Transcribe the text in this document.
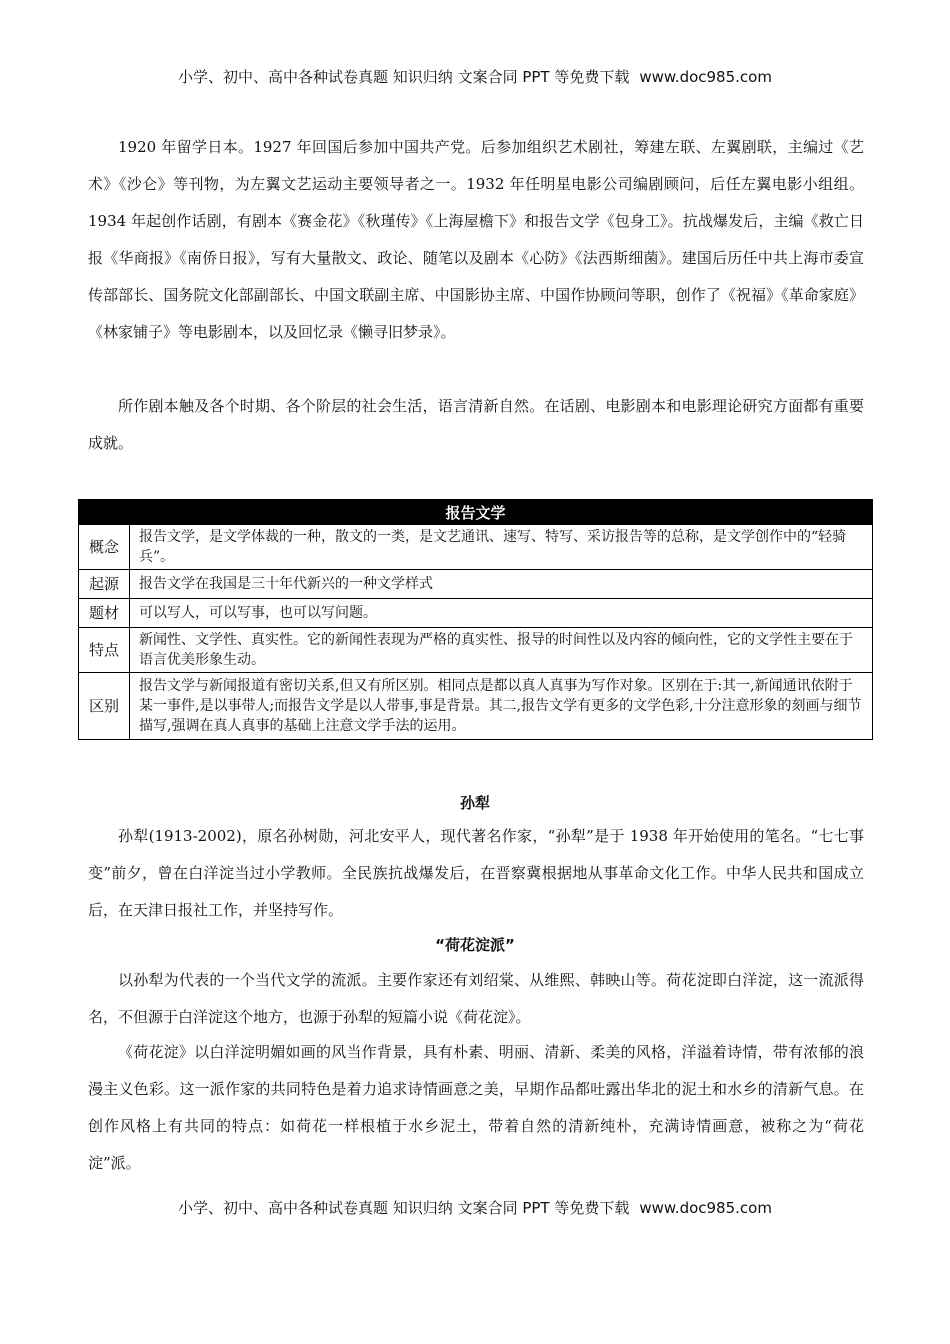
小学、初中、高中各种试卷真题 知识归纳 文案合同 PPT 等免费下载 www.doc985.com

1920 年留学日本。1927 年回国后参加中国共产党。后参加组织艺术剧社，筹建左联、左翼剧联，主编过《艺术》《沙仑》等刊物，为左翼文艺运动主要领导者之一。1932 年任明星电影公司编剧顾问，后任左翼电影小组组。1934 年起创作话剧，有剧本《赛金花》《秋瑾传》《上海屋檐下》和报告文学《包身工》。抗战爆发后，主编《救亡日报《华商报》《南侨日报》，写有大量散文、政论、随笔以及剧本《心防》《法西斯细菌》。建国后历任中共上海市委宣传部部长、国务院文化部副部长、中国文联副主席、中国影协主席、中国作协顾问等职，创作了《祝福》《革命家庭》《林家铺子》等电影剧本，以及回忆录《懒寻旧梦录》。

所作剧本触及各个时期、各个阶层的社会生活，语言清新自然。在话剧、电影剧本和电影理论研究方面都有重要成就。

报告文学	
概念	报告文学，是文学体裁的一种，散文的一类，是文艺通讯、速写、特写、采访报告等的总称，是文学创作中的“轻骑兵”。
起源	报告文学在我国是三十年代新兴的一种文学样式
题材	可以写人，可以写事，也可以写问题。
特点	新闻性、文学性、真实性。它的新闻性表现为严格的真实性、报导的时间性以及内容的倾向性，它的文学性主要在于语言优美形象生动。
区别	报告文学与新闻报道有密切关系,但又有所区别。相同点是都以真人真事为写作对象。区别在于:其一,新闻通讯依附于某一事件,是以事带人;而报告文学是以人带事,事是背景。其二,报告文学有更多的文学色彩,十分注意形象的刻画与细节描写,强调在真人真事的基础上注意文学手法的运用。
孙犁

孙犁(1913-2002)，原名孙树勋，河北安平人，现代著名作家，“孙犁”是于 1938 年开始使用的笔名。“七七事变”前夕，曾在白洋淀当过小学教师。全民族抗战爆发后，在晋察冀根据地从事革命文化工作。中华人民共和国成立后，在天津日报社工作，并坚持写作。

“荷花淀派”

以孙犁为代表的一个当代文学的流派。主要作家还有刘绍棠、从维熙、韩映山等。荷花淀即白洋淀，这一流派得名，不但源于白洋淀这个地方，也源于孙犁的短篇小说《荷花淀》。

《荷花淀》以白洋淀明媚如画的风当作背景，具有朴素、明丽、清新、柔美的风格，洋溢着诗情，带有浓郁的浪漫主义色彩。这一派作家的共同特色是着力追求诗情画意之美，早期作品都吐露出华北的泥土和水乡的清新气息。在创作风格上有共同的特点：如荷花一样根植于水乡泥土，带着自然的清新纯朴，充满诗情画意，被称之为“荷花淀”派。

小学、初中、高中各种试卷真题 知识归纳 文案合同 PPT 等免费下载 www.doc985.com
